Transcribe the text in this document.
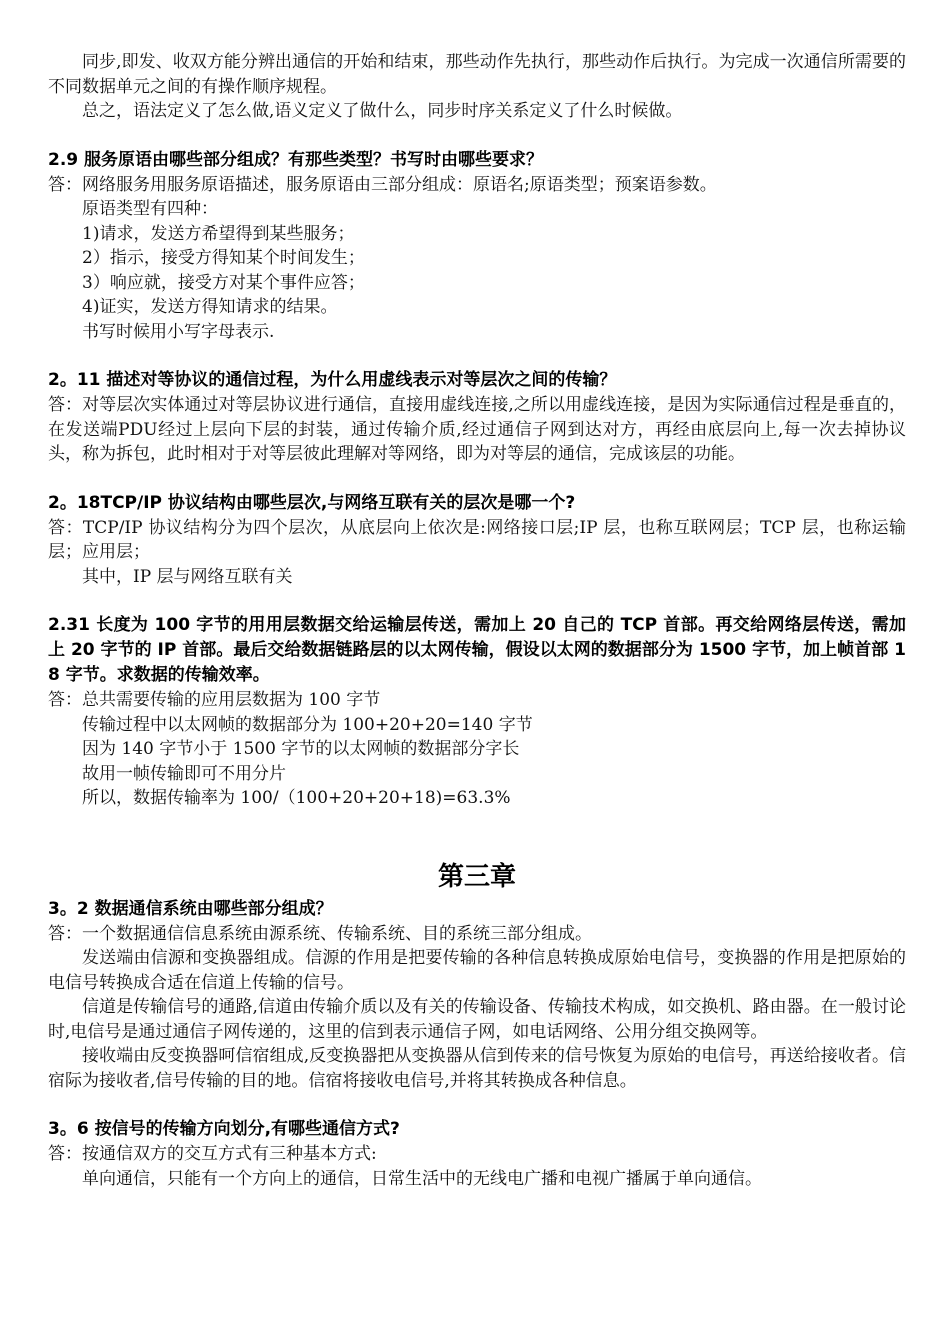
同步,即发、收双方能分辨出通信的开始和结束，那些动作先执行，那些动作后执行。为完成一次通信所需要的不同数据单元之间的有操作顺序规程。

总之，语法定义了怎么做,语义定义了做什么，同步时序关系定义了什么时候做。

2.9 服务原语由哪些部分组成？有那些类型？书写时由哪些要求？

答：网络服务用服务原语描述，服务原语由三部分组成：原语名;原语类型；预案语参数。

原语类型有四种：

1)请求，发送方希望得到某些服务；

2）指示，接受方得知某个时间发生；

3）响应就，接受方对某个事件应答；

4)证实，发送方得知请求的结果。

书写时候用小写字母表示.

2。11 描述对等协议的通信过程，为什么用虚线表示对等层次之间的传输？

答：对等层次实体通过对等层协议进行通信，直接用虚线连接,之所以用虚线连接，是因为实际通信过程是垂直的，在发送端PDU经过上层向下层的封装，通过传输介质,经过通信子网到达对方，再经由底层向上,每一次去掉协议头，称为拆包，此时相对于对等层彼此理解对等网络，即为对等层的通信，完成该层的功能。

2。18TCP/IP 协议结构由哪些层次,与网络互联有关的层次是哪一个?

答：TCP/IP 协议结构分为四个层次，从底层向上依次是:网络接口层;IP 层，也称互联网层；TCP 层，也称运输层；应用层；

其中，IP 层与网络互联有关

2.31 长度为 100 字节的用用层数据交给运输层传送，需加上 20 自己的 TCP 首部。再交给网络层传送，需加上 20 字节的 IP 首部。最后交给数据链路层的以太网传输，假设以太网的数据部分为 1500 字节，加上帧首部 18 字节。求数据的传输效率。

答：总共需要传输的应用层数据为 100 字节

传输过程中以太网帧的数据部分为 100+20+20=140 字节

因为 140 字节小于 1500 字节的以太网帧的数据部分字长

故用一帧传输即可不用分片

所以，数据传输率为 100/（100+20+20+18)=63.3%

第三章

3。2 数据通信系统由哪些部分组成？

答：一个数据通信信息系统由源系统、传输系统、目的系统三部分组成。

发送端由信源和变换器组成。信源的作用是把要传输的各种信息转换成原始电信号，变换器的作用是把原始的电信号转换成合适在信道上传输的信号。

信道是传输信号的通路,信道由传输介质以及有关的传输设备、传输技术构成，如交换机、路由器。在一般讨论时,电信号是通过通信子网传递的，这里的信到表示通信子网，如电话网络、公用分组交换网等。

接收端由反变换器呵信宿组成,反变换器把从变换器从信到传来的信号恢复为原始的电信号，再送给接收者。信宿际为接收者,信号传输的目的地。信宿将接收电信号,并将其转换成各种信息。

3。6 按信号的传输方向划分,有哪些通信方式?

答：按通信双方的交互方式有三种基本方式:

单向通信，只能有一个方向上的通信，日常生活中的无线电广播和电视广播属于单向通信。
